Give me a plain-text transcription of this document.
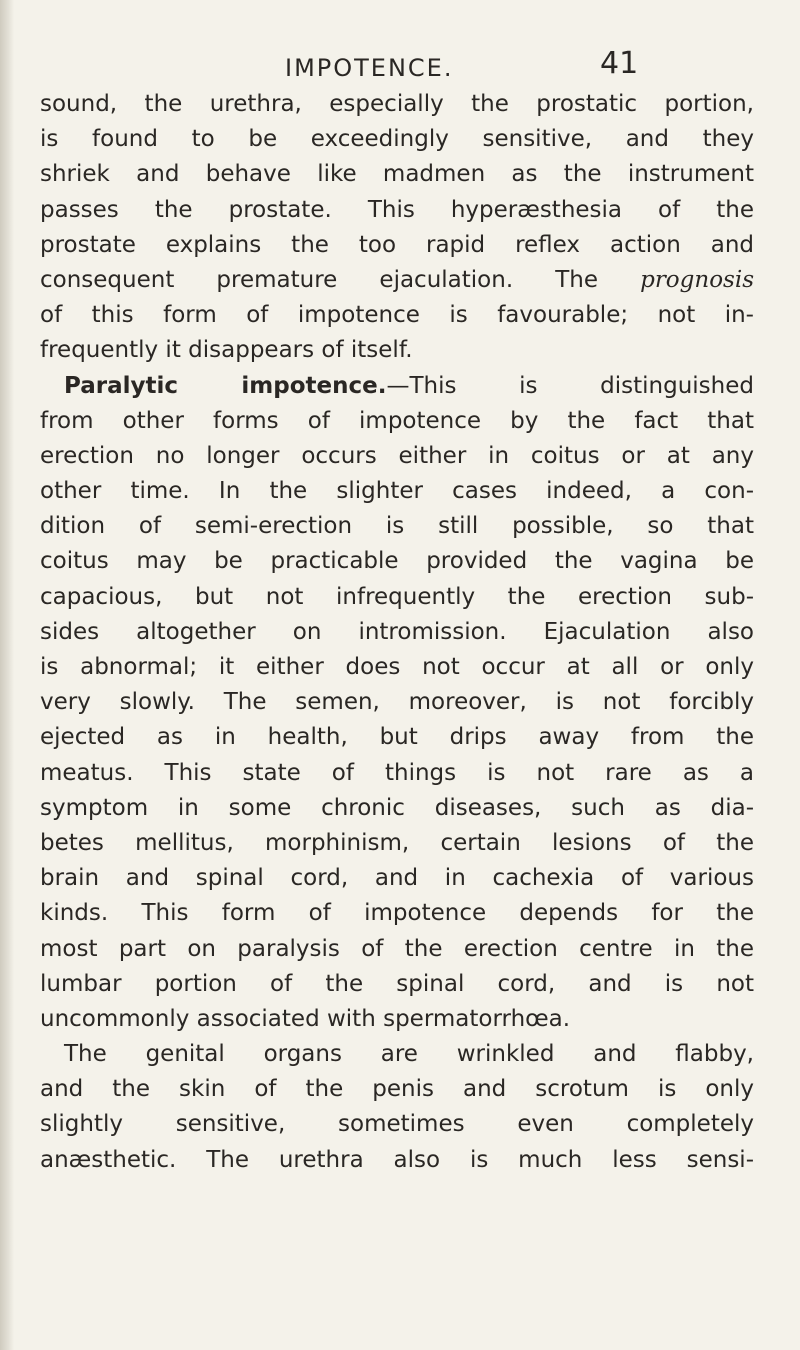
IMPOTENCE.	41
sound, the urethra, especially the prostatic portion,
is found to be exceedingly sensitive, and they
shriek and behave like madmen as the instrument
passes the prostate. This hyperæsthesia of the
prostate explains the too rapid reflex action and
consequent premature ejaculation. The prognosis
of this form of impotence is favourable; not in-
frequently it disappears of itself.
Paralytic impotence.—This is distinguished
from other forms of impotence by the fact that
erection no longer occurs either in coitus or at any
other time. In the slighter cases indeed, a con-
dition of semi-erection is still possible, so that
coitus may be practicable provided the vagina be
capacious, but not infrequently the erection sub-
sides altogether on intromission. Ejaculation also
is abnormal; it either does not occur at all or only
very slowly. The semen, moreover, is not forcibly
ejected as in health, but drips away from the
meatus. This state of things is not rare as a
symptom in some chronic diseases, such as dia-
betes mellitus, morphinism, certain lesions of the
brain and spinal cord, and in cachexia of various
kinds. This form of impotence depends for the
most part on paralysis of the erection centre in the
lumbar portion of the spinal cord, and is not
uncommonly associated with spermatorrhœa.
The genital organs are wrinkled and flabby,
and the skin of the penis and scrotum is only
slightly sensitive, sometimes even completely
anæsthetic. The urethra also is much less sensi-
